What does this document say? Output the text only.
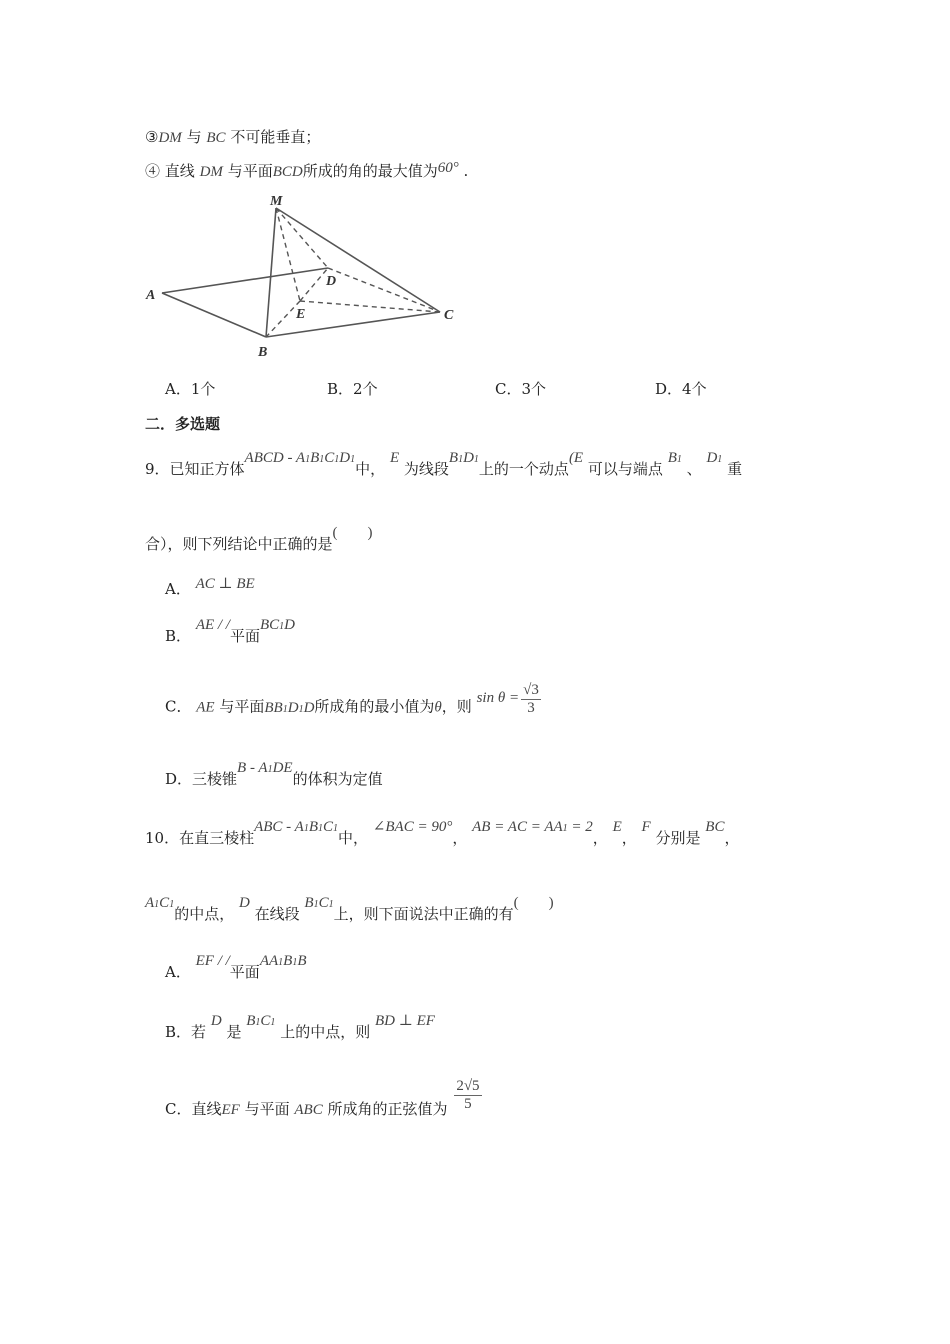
③DM 与 BC 不可能垂直；
④ 直线 DM 与平面BCD所成的角的最大值为60° .
M
A
D
E	C
B
A．1个	B．2个	C．3个	D．4个
二．多选题
9．已知正方体ABCD - A1B1C1D1中， E 为线段B1D1上的一个动点(E 可以与端点 B1 、 D1 重
合），则下列结论中正确的是(　　)
A． AC ⊥ BE
B． AE / /平面BC1D
C． AE 与平面BB1D1D所成角的最小值为θ，则 $\sin \theta = \frac{√3}{3}$
D．三棱锥B - A1DE的体积为定值
10．在直三棱柱ABC - A1B1C1中， ∠BAC = 90°， AB = AC = AA1 = 2， E， F 分别是 BC，
A1C1的中点， D 在线段 B1C1上，则下面说法中正确的有(　　)
A． EF / /平面AA1B1B
B．若 D 是 B1C1 上的中点，则 BD ⊥ EF
C．直线EF 与平面 ABC 所成角的正弦值为 $\frac{2√5}{5}$
